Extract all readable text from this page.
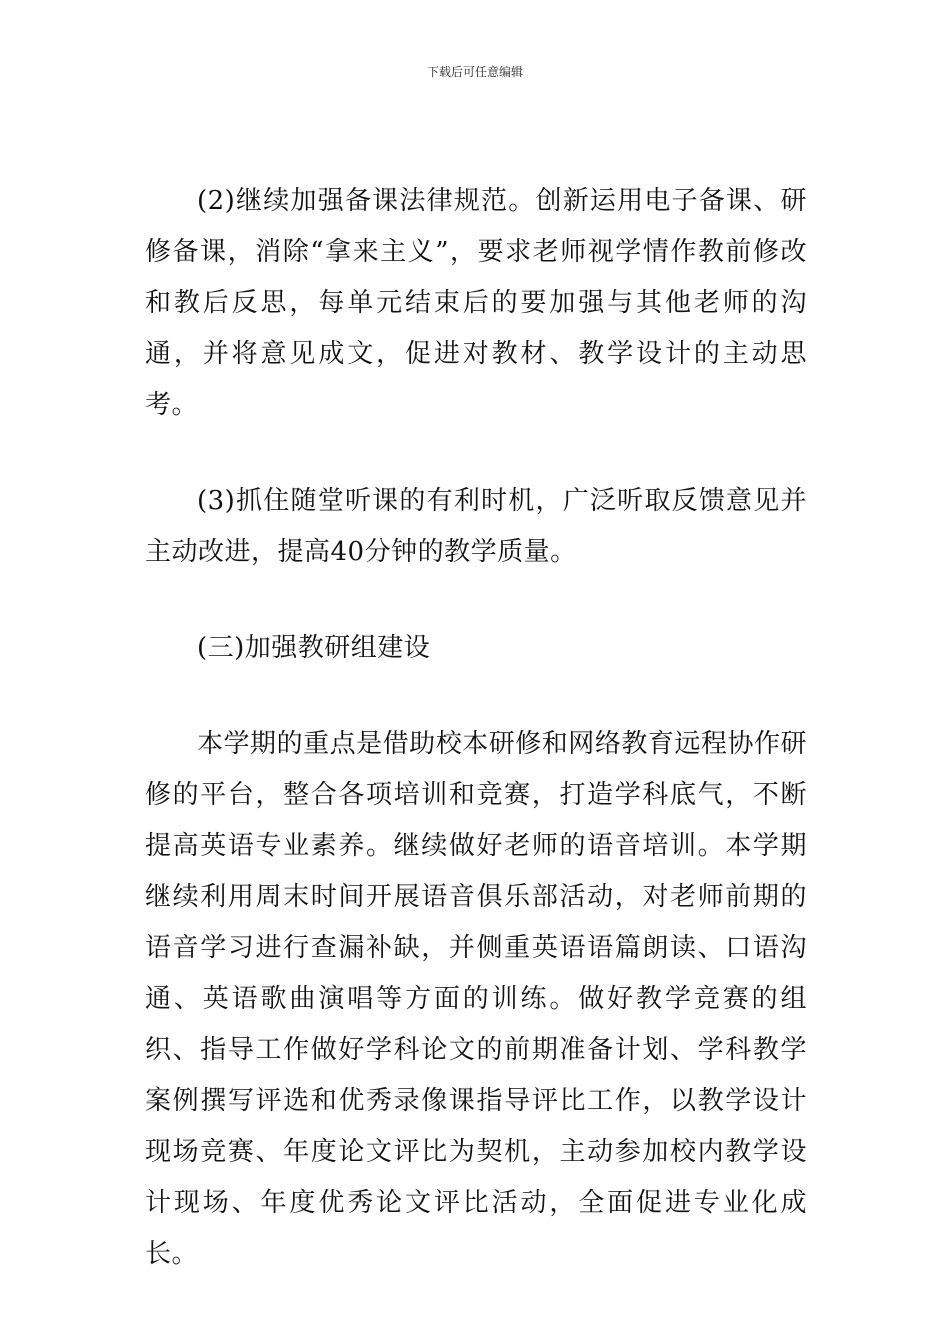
下载后可任意编辑

(2)继续加强备课法律规范。创新运用电子备课、研修备课，消除“拿来主义”，要求老师视学情作教前修改和教后反思，每单元结束后的要加强与其他老师的沟通，并将意见成文，促进对教材、教学设计的主动思考。

(3)抓住随堂听课的有利时机，广泛听取反馈意见并主动改进，提高40分钟的教学质量。

(三)加强教研组建设

本学期的重点是借助校本研修和网络教育远程协作研修的平台，整合各项培训和竞赛，打造学科底气，不断提高英语专业素养。继续做好老师的语音培训。本学期继续利用周末时间开展语音俱乐部活动，对老师前期的语音学习进行查漏补缺，并侧重英语语篇朗读、口语沟通、英语歌曲演唱等方面的训练。做好教学竞赛的组织、指导工作做好学科论文的前期准备计划、学科教学案例撰写评选和优秀录像课指导评比工作，以教学设计现场竞赛、年度论文评比为契机，主动参加校内教学设计现场、年度优秀论文评比活动，全面促进专业化成长。
